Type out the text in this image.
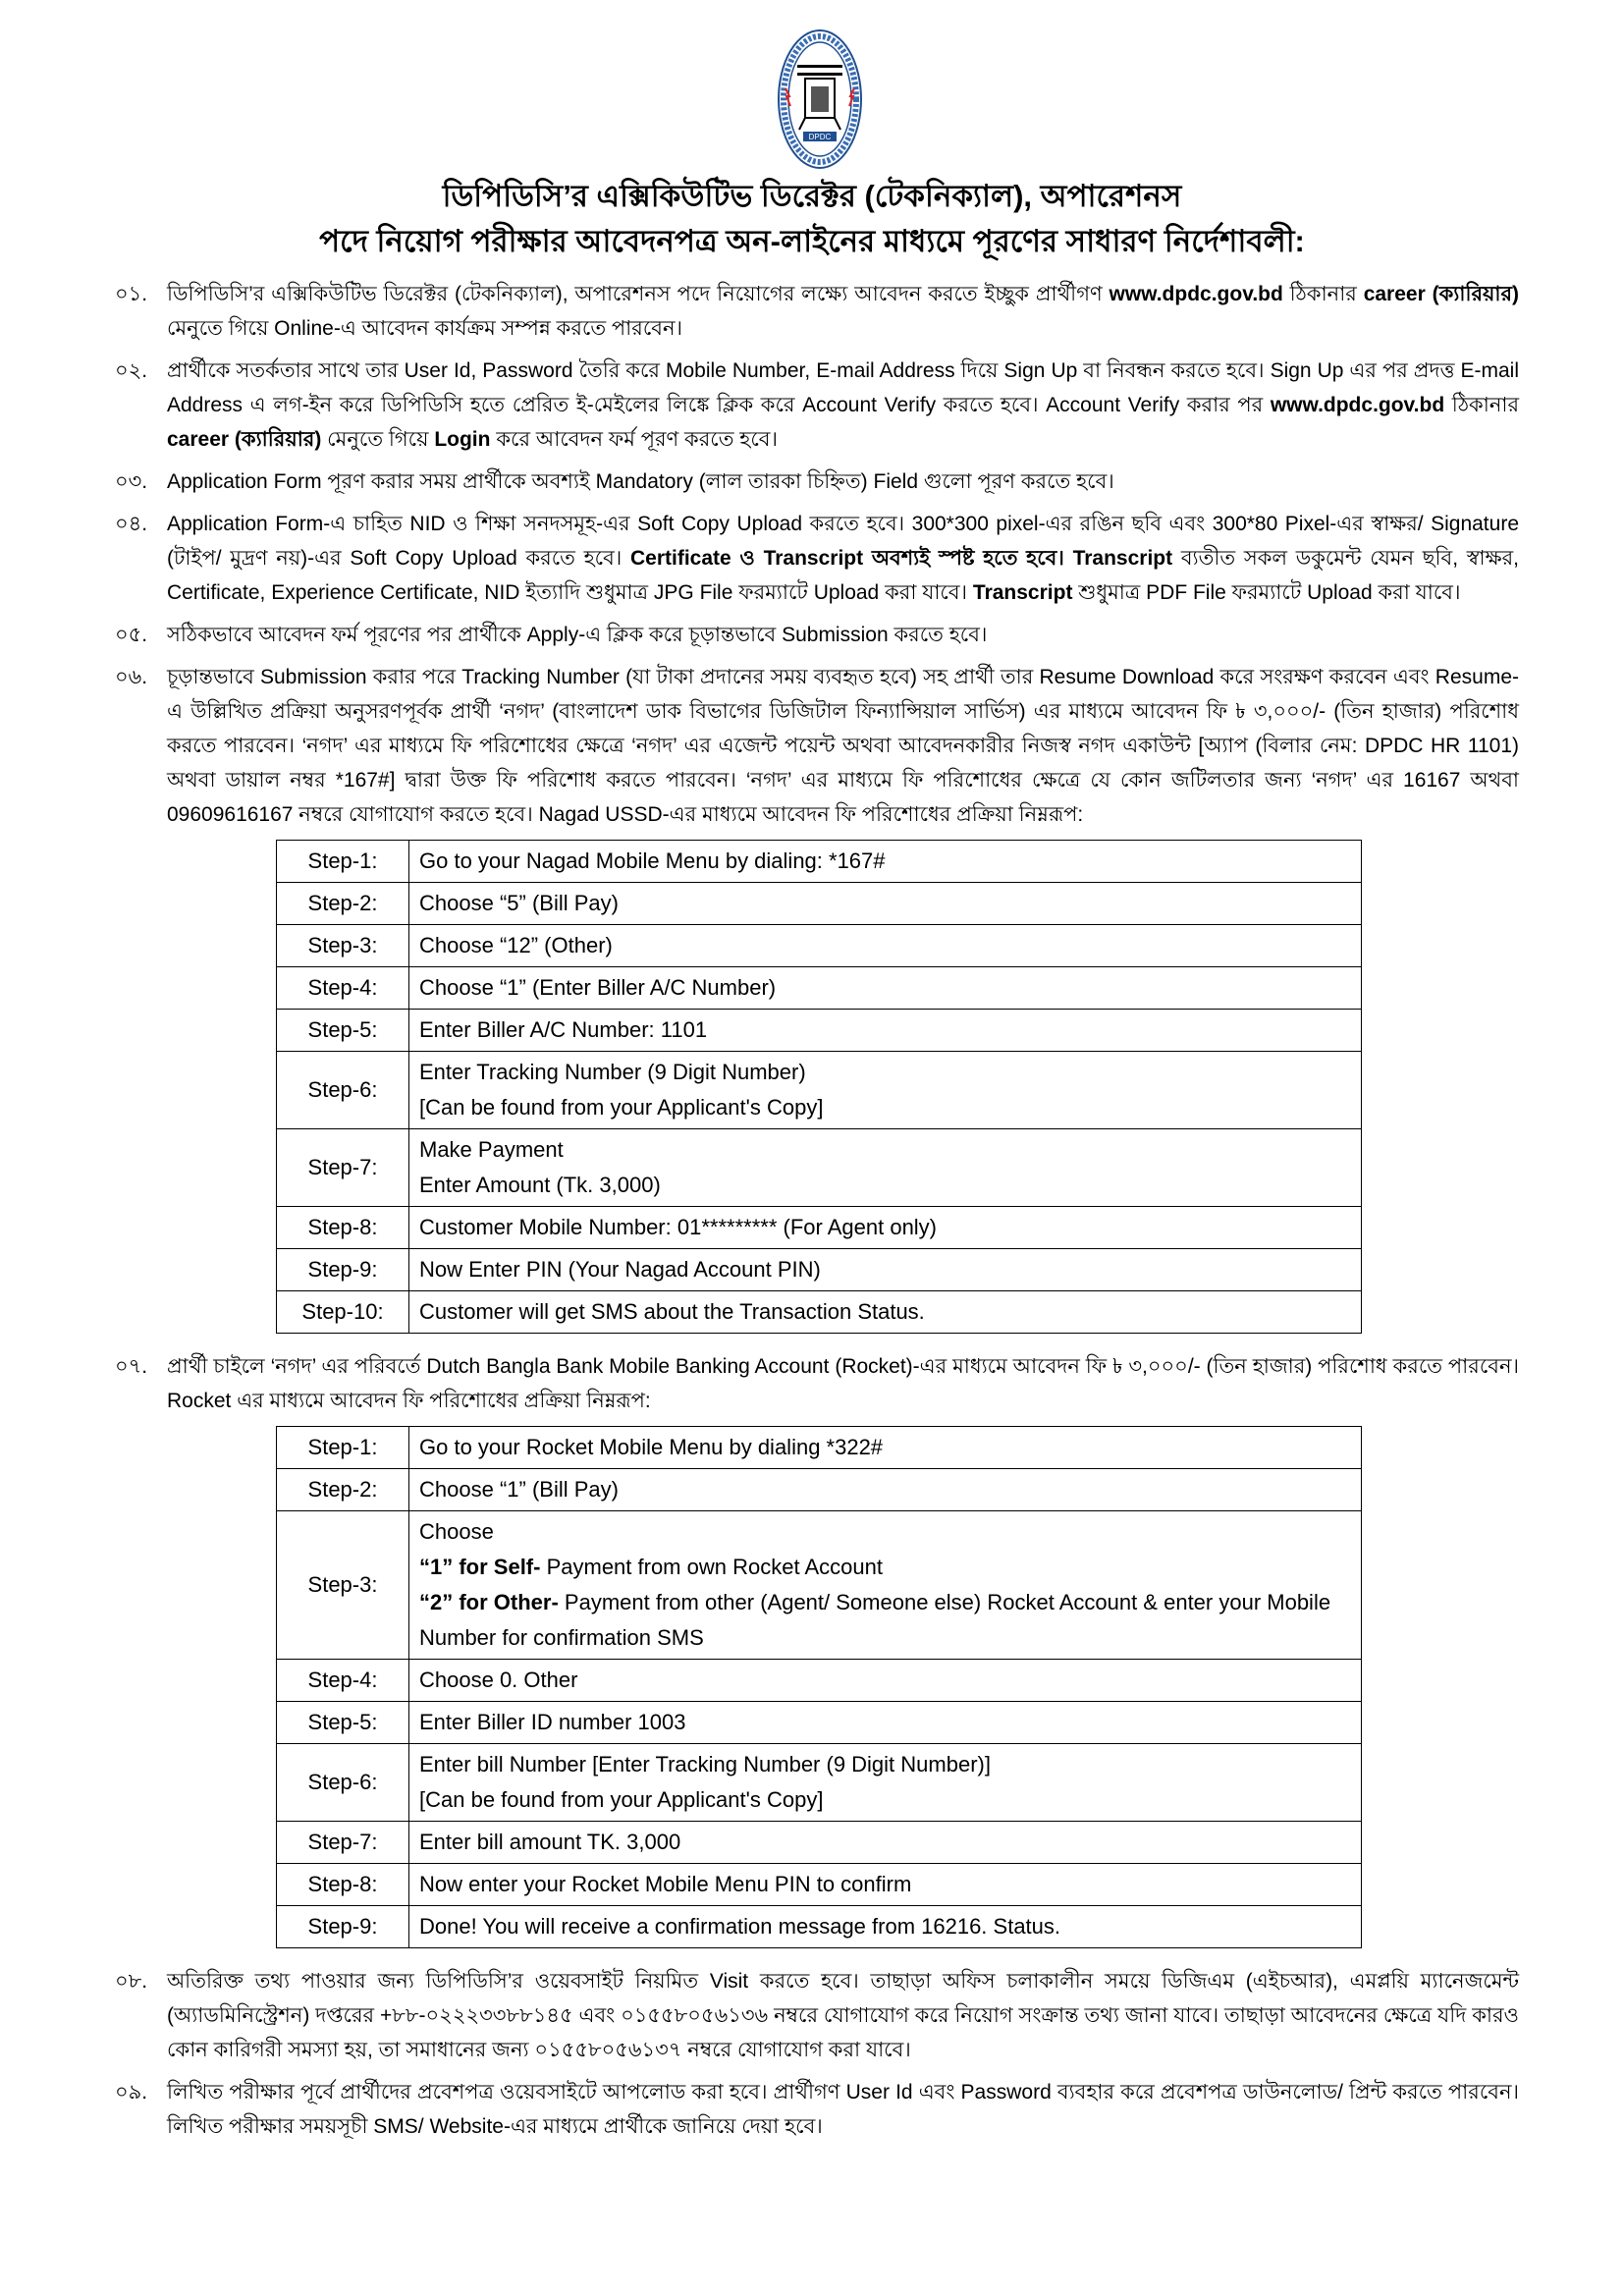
DPDC
ডিপিডিসি’র এক্সিকিউটিভ ডিরেক্টর (টেকনিক্যাল), অপারেশনস
পদে নিয়োগ পরীক্ষার আবেদনপত্র অন-লাইনের মাধ্যমে পূরণের সাধারণ নির্দেশাবলী:
০১. ডিপিডিসি’র এক্সিকিউটিভ ডিরেক্টর (টেকনিক্যাল), অপারেশনস পদে নিয়োগের লক্ষ্যে আবেদন করতে ইচ্ছুক প্রার্থীগণ www.dpdc.gov.bd ঠিকানার career (ক্যারিয়ার) মেনুতে গিয়ে Online-এ আবেদন কার্যক্রম সম্পন্ন করতে পারবেন।
০২. প্রার্থীকে সতর্কতার সাথে তার User Id, Password তৈরি করে Mobile Number, E-mail Address দিয়ে Sign Up বা নিবন্ধন করতে হবে। Sign Up এর পর প্রদত্ত E-mail Address এ লগ-ইন করে ডিপিডিসি হতে প্রেরিত ই-মেইলের লিঙ্কে ক্লিক করে Account Verify করতে হবে। Account Verify করার পর www.dpdc.gov.bd ঠিকানার career (ক্যারিয়ার) মেনুতে গিয়ে Login করে আবেদন ফর্ম পূরণ করতে হবে।
০৩. Application Form পূরণ করার সময় প্রার্থীকে অবশ্যই Mandatory (লাল তারকা চিহ্নিত) Field গুলো পূরণ করতে হবে।
০৪. Application Form-এ চাহিত NID ও শিক্ষা সনদসমূহ-এর Soft Copy Upload করতে হবে। 300*300 pixel-এর রঙিন ছবি এবং 300*80 Pixel-এর স্বাক্ষর/ Signature (টাইপ/ মুদ্রণ নয়)-এর Soft Copy Upload করতে হবে। Certificate ও Transcript অবশ্যই স্পষ্ট হতে হবে। Transcript ব্যতীত সকল ডকুমেন্ট যেমন ছবি, স্বাক্ষর, Certificate, Experience Certificate, NID ইত্যাদি শুধুমাত্র JPG File ফরম্যাটে Upload করা যাবে। Transcript শুধুমাত্র PDF File ফরম্যাটে Upload করা যাবে।
০৫. সঠিকভাবে আবেদন ফর্ম পূরণের পর প্রার্থীকে Apply-এ ক্লিক করে চূড়ান্তভাবে Submission করতে হবে।
০৬. চূড়ান্তভাবে Submission করার পরে Tracking Number (যা টাকা প্রদানের সময় ব্যবহৃত হবে) সহ প্রার্থী তার Resume Download করে সংরক্ষণ করবেন এবং Resume-এ উল্লিখিত প্রক্রিয়া অনুসরণপূর্বক প্রার্থী ‘নগদ’ (বাংলাদেশ ডাক বিভাগের ডিজিটাল ফিন্যান্সিয়াল সার্ভিস) এর মাধ্যমে আবেদন ফি ৳ ৩,০০০/- (তিন হাজার) পরিশোধ করতে পারবেন। ‘নগদ’ এর মাধ্যমে ফি পরিশোধের ক্ষেত্রে ‘নগদ’ এর এজেন্ট পয়েন্ট অথবা আবেদনকারীর নিজস্ব নগদ একাউন্ট [অ্যাপ (বিলার নেম: DPDC HR 1101) অথবা ডায়াল নম্বর *167#] দ্বারা উক্ত ফি পরিশোধ করতে পারবেন। ‘নগদ’ এর মাধ্যমে ফি পরিশোধের ক্ষেত্রে যে কোন জটিলতার জন্য ‘নগদ’ এর 16167 অথবা 09609616167 নম্বরে যোগাযোগ করতে হবে। Nagad USSD-এর মাধ্যমে আবেদন ফি পরিশোধের প্রক্রিয়া নিম্নরূপ:
Step-1:	Go to your Nagad Mobile Menu by dialing: *167#

Step-2:	Choose “5” (Bill Pay)

Step-3:	Choose “12” (Other)

Step-4:	Choose “1” (Enter Biller A/C Number)

Step-5:	Enter Biller A/C Number: 1101

Step-6:	Enter Tracking Number (9 Digit Number)
[Can be found from your Applicant's Copy]

Step-7:	Make Payment
Enter Amount (Tk. 3,000)

Step-8:	Customer Mobile Number: 01********* (For Agent only)

Step-9:	Now Enter PIN (Your Nagad Account PIN)

Step-10:	Customer will get SMS about the Transaction Status.
০৭. প্রার্থী চাইলে ‘নগদ’ এর পরিবর্তে Dutch Bangla Bank Mobile Banking Account (Rocket)-এর মাধ্যমে আবেদন ফি ৳ ৩,০০০/- (তিন হাজার) পরিশোধ করতে পারবেন। Rocket এর মাধ্যমে আবেদন ফি পরিশোধের প্রক্রিয়া নিম্নরূপ:
Step-1:	Go to your Rocket Mobile Menu by dialing *322#

Step-2:	Choose “1” (Bill Pay)

Step-3:	Choose
“1” for Self- Payment from own Rocket Account
“2” for Other- Payment from other (Agent/ Someone else) Rocket Account & enter your Mobile Number for confirmation SMS

Step-4:	Choose 0. Other

Step-5:	Enter Biller ID number 1003

Step-6:	Enter bill Number [Enter Tracking Number (9 Digit Number)]
[Can be found from your Applicant's Copy]

Step-7:	Enter bill amount TK. 3,000

Step-8:	Now enter your Rocket Mobile Menu PIN to confirm

Step-9:	Done! You will receive a confirmation message from 16216. Status.
০৮. অতিরিক্ত তথ্য পাওয়ার জন্য ডিপিডিসি’র ওয়েবসাইট নিয়মিত Visit করতে হবে। তাছাড়া অফিস চলাকালীন সময়ে ডিজিএম (এইচআর), এমপ্লয়ি ম্যানেজমেন্ট (অ্যাডমিনিস্ট্রেশন) দপ্তরের +৮৮-০২২২৩৩৮৮১৪৫ এবং ০১৫৫৮০৫৬১৩৬ নম্বরে যোগাযোগ করে নিয়োগ সংক্রান্ত তথ্য জানা যাবে। তাছাড়া আবেদনের ক্ষেত্রে যদি কারও কোন কারিগরী সমস্যা হয়, তা সমাধানের জন্য ০১৫৫৮০৫৬১৩৭ নম্বরে যোগাযোগ করা যাবে।
০৯. লিখিত পরীক্ষার পূর্বে প্রার্থীদের প্রবেশপত্র ওয়েবসাইটে আপলোড করা হবে। প্রার্থীগণ User Id এবং Password ব্যবহার করে প্রবেশপত্র ডাউনলোড/ প্রিন্ট করতে পারবেন। লিখিত পরীক্ষার সময়সূচী SMS/ Website-এর মাধ্যমে প্রার্থীকে জানিয়ে দেয়া হবে।
